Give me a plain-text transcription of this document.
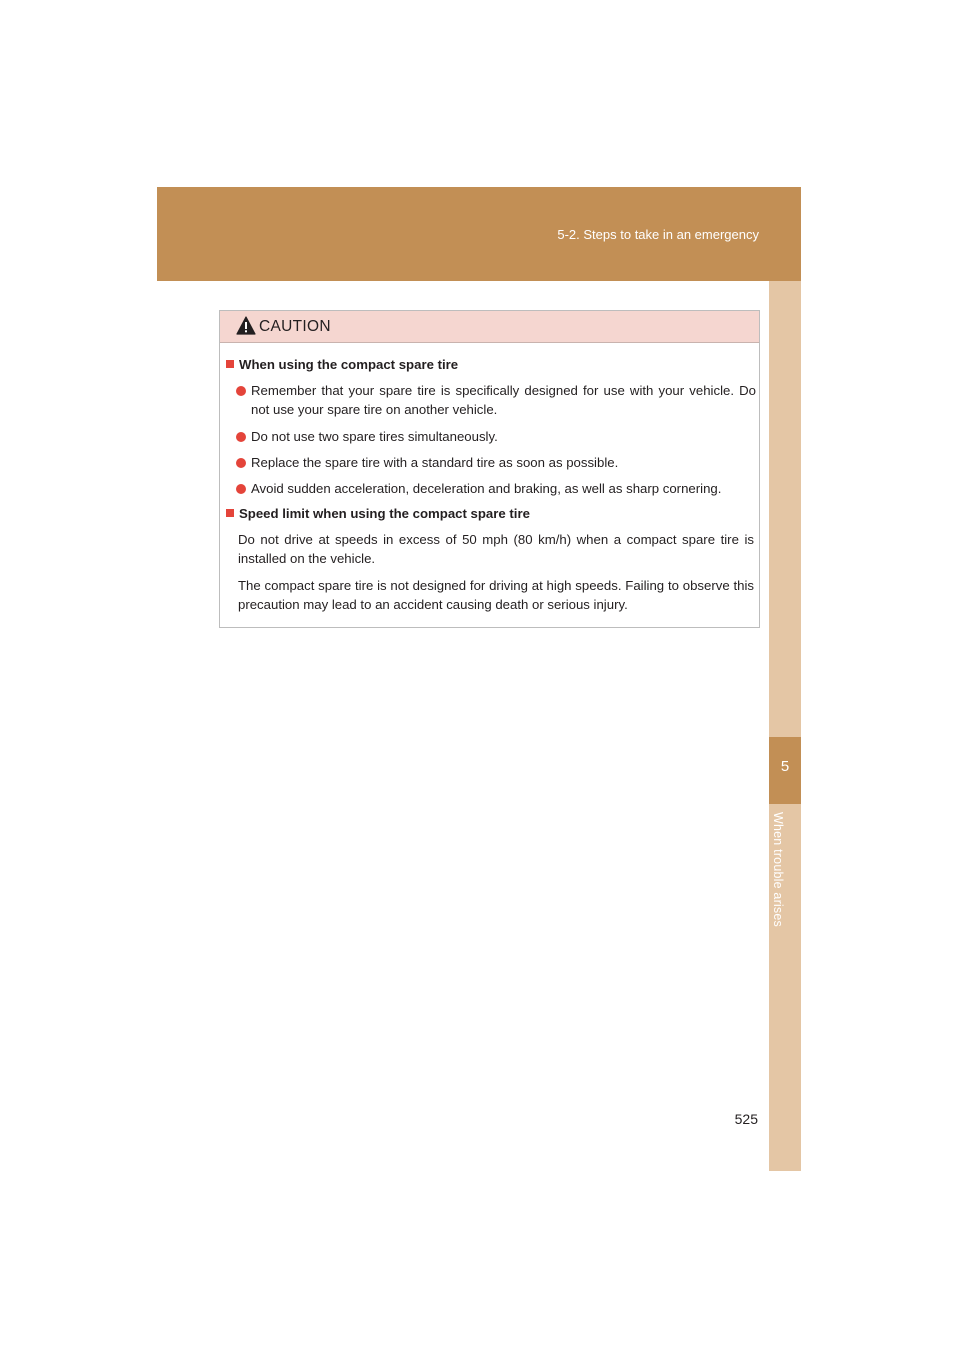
5-2. Steps to take in an emergency
5
When trouble arises
CAUTION
When using the compact spare tire
Remember that your spare tire is specifically designed for use with your vehicle. Do not use your spare tire on another vehicle.
Do not use two spare tires simultaneously.
Replace the spare tire with a standard tire as soon as possible.
Avoid sudden acceleration, deceleration and braking, as well as sharp cornering.
Speed limit when using the compact spare tire
Do not drive at speeds in excess of 50 mph (80 km/h) when a compact spare tire is installed on the vehicle.
The compact spare tire is not designed for driving at high speeds. Failing to observe this precaution may lead to an accident causing death or serious injury.
525
